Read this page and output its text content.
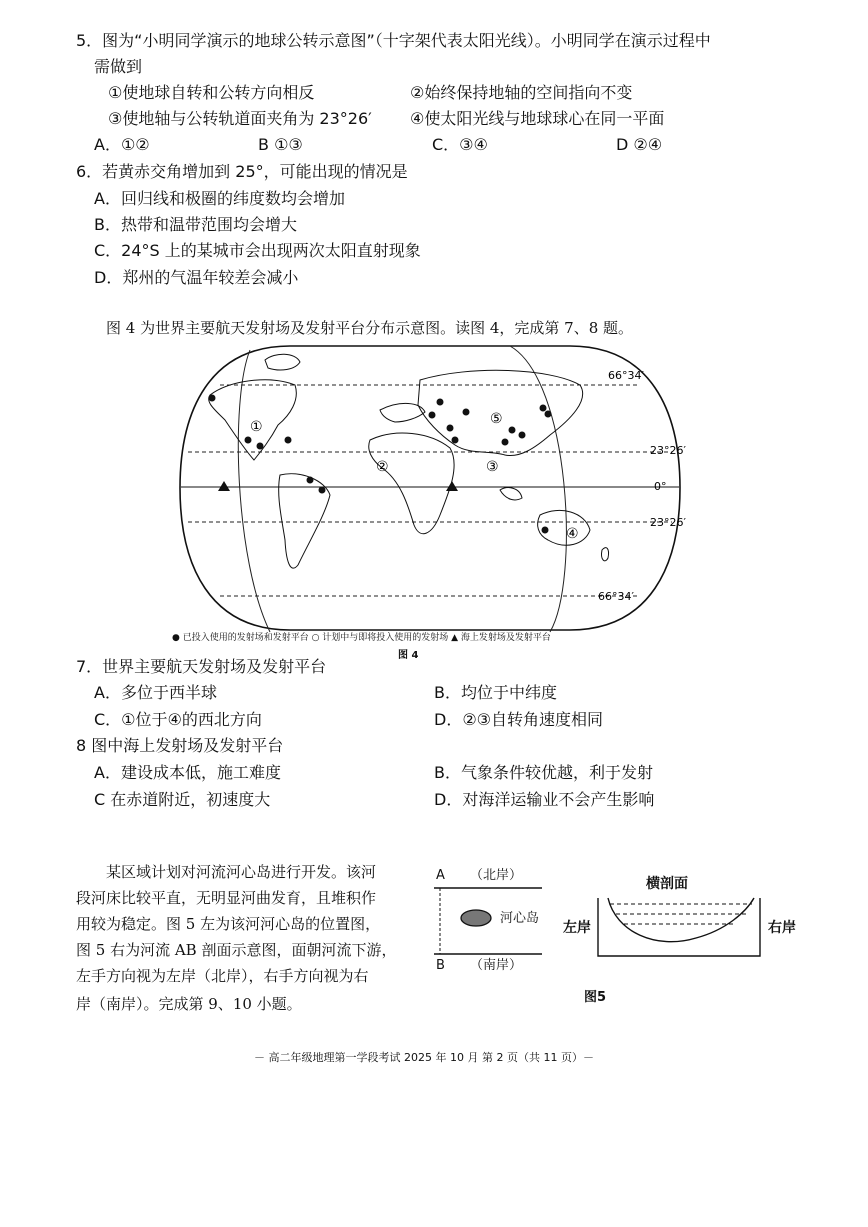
5．图为“小明同学演示的地球公转示意图”（十字架代表太阳光线）。小明同学在演示过程中
需做到
①使地球自转和公转方向相反	②始终保持地轴的空间指向不变
③使地轴与公转轨道面夹角为 23°26′ ④使太阳光线与地球球心在同一平面
A．①②	B ①③	C．③④	D ②④
6．若黄赤交角增加到 25°，可能出现的情况是
A．回归线和极圈的纬度数均会增加
B．热带和温带范围均会增大
C．24°S 上的某城市会出现两次太阳直射现象
D．郑州的气温年较差会减小
图 4 为世界主要航天发射场及发射平台分布示意图。读图 4，完成第 7、8 题。
①
②	③
④
⑤
66°34′
23°26′
0°
23°26′
66°34′
● 已投入使用的发射场和发射平台 ○ 计划中与即将投入使用的发射场 ▲ 海上发射场及发射平台
图 4
7．世界主要航天发射场及发射平台
A．多位于西半球	B．均位于中纬度
C．①位于④的西北方向	D．②③自转角速度相同
8 图中海上发射场及发射平台
A．建设成本低，施工难度	B．气象条件较优越，利于发射
C 在赤道附近，初速度大	D．对海洋运输业不会产生影响
某区域计划对河流河心岛进行开发。该河
段河床比较平直，无明显河曲发育，且堆积作
用较为稳定。图 5 左为该河河心岛的位置图，
图 5 右为河流 AB 剖面示意图，面朝河流下游，
左手方向视为左岸（北岸），右手方向视为右
岸（南岸）。完成第 9、10 小题。
A （北岸）
河心岛
B （南岸）
横剖面
左岸	右岸
图5
－ 高二年级地理第一学段考试 2025 年 10 月 第 2 页（共 11 页）－
